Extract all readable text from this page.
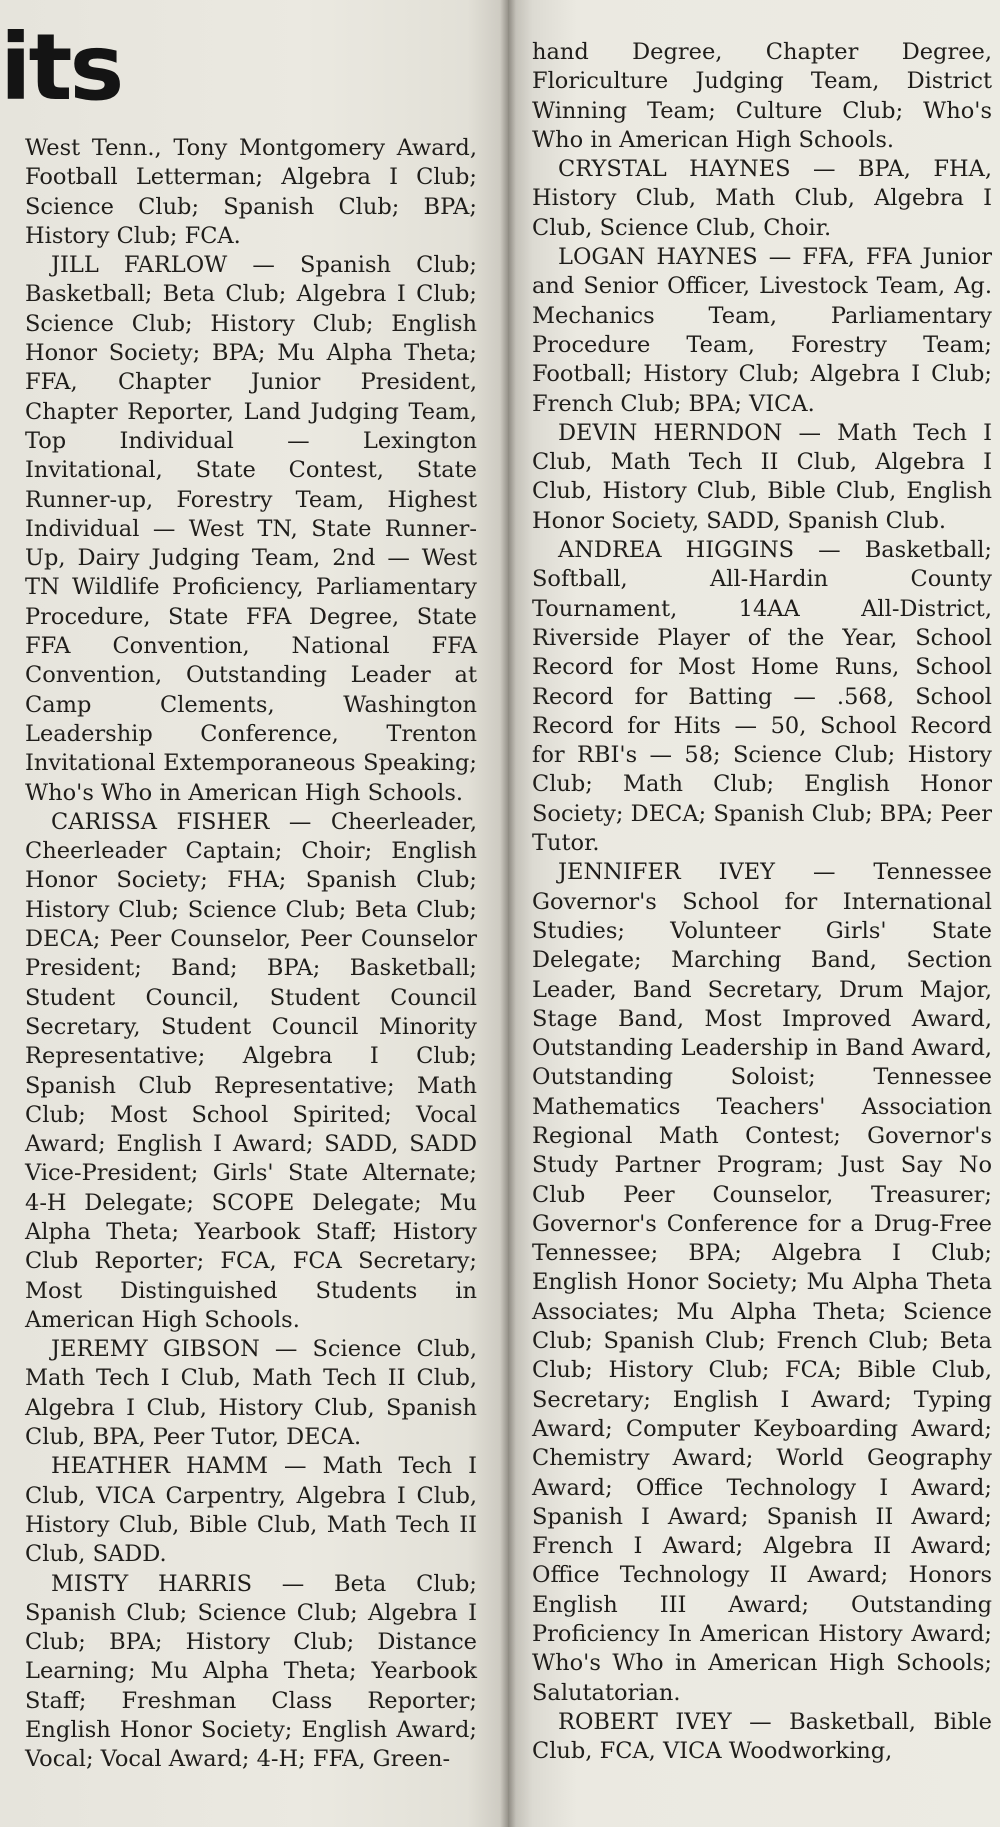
its

West Tenn., Tony Montgomery Award, Football Letterman; Algebra I Club; Science Club; Spanish Club; BPA; History Club; FCA.

JILL FARLOW — Spanish Club; Basketball; Beta Club; Algebra I Club; Science Club; History Club; English Honor Society; BPA; Mu Alpha Theta; FFA, Chapter Junior President, Chapter Reporter, Land Judging Team, Top Individual — Lexington Invitational, State Contest, State Runner-up, Forestry Team, Highest Individual — West TN, State Runner-Up, Dairy Judging Team, 2nd — West TN Wildlife Proficiency, Parliamentary Procedure, State FFA Degree, State FFA Convention, National FFA Convention, Outstanding Leader at Camp Clements, Washington Leadership Conference, Trenton Invitational Extemporaneous Speaking; Who's Who in American High Schools.

CARISSA FISHER — Cheerleader, Cheerleader Captain; Choir; English Honor Society; FHA; Spanish Club; History Club; Science Club; Beta Club; DECA; Peer Counselor, Peer Counselor President; Band; BPA; Basketball; Student Council, Student Council Secretary, Student Council Minority Representative; Algebra I Club; Spanish Club Representative; Math Club; Most School Spirited; Vocal Award; English I Award; SADD, SADD Vice-President; Girls' State Alternate; 4-H Delegate; SCOPE Delegate; Mu Alpha Theta; Yearbook Staff; History Club Reporter; FCA, FCA Secretary; Most Distinguished Students in American High Schools.

JEREMY GIBSON — Science Club, Math Tech I Club, Math Tech II Club, Algebra I Club, History Club, Spanish Club, BPA, Peer Tutor, DECA.

HEATHER HAMM — Math Tech I Club, VICA Carpentry, Algebra I Club, History Club, Bible Club, Math Tech II Club, SADD.

MISTY HARRIS — Beta Club; Spanish Club; Science Club; Algebra I Club; BPA; History Club; Distance Learning; Mu Alpha Theta; Yearbook Staff; Freshman Class Reporter; English Honor Society; English Award; Vocal; Vocal Award; 4-H; FFA, Green-

hand Degree, Chapter Degree, Floriculture Judging Team, District Winning Team; Culture Club; Who's Who in American High Schools.

CRYSTAL HAYNES — BPA, FHA, History Club, Math Club, Algebra I Club, Science Club, Choir.

LOGAN HAYNES — FFA, FFA Junior and Senior Officer, Livestock Team, Ag. Mechanics Team, Parliamentary Procedure Team, Forestry Team; Football; History Club; Algebra I Club; French Club; BPA; VICA.

DEVIN HERNDON — Math Tech I Club, Math Tech II Club, Algebra I Club, History Club, Bible Club, English Honor Society, SADD, Spanish Club.

ANDREA HIGGINS — Basketball; Softball, All-Hardin County Tournament, 14AA All-District, Riverside Player of the Year, School Record for Most Home Runs, School Record for Batting — .568, School Record for Hits — 50, School Record for RBI's — 58; Science Club; History Club; Math Club; English Honor Society; DECA; Spanish Club; BPA; Peer Tutor.

JENNIFER IVEY — Tennessee Governor's School for International Studies; Volunteer Girls' State Delegate; Marching Band, Section Leader, Band Secretary, Drum Major, Stage Band, Most Improved Award, Outstanding Leadership in Band Award, Outstanding Soloist; Tennessee Mathematics Teachers' Association Regional Math Contest; Governor's Study Partner Program; Just Say No Club Peer Counselor, Treasurer; Governor's Conference for a Drug-Free Tennessee; BPA; Algebra I Club; English Honor Society; Mu Alpha Theta Associates; Mu Alpha Theta; Science Club; Spanish Club; French Club; Beta Club; History Club; FCA; Bible Club, Secretary; English I Award; Typing Award; Computer Keyboarding Award; Chemistry Award; World Geography Award; Office Technology I Award; Spanish I Award; Spanish II Award; French I Award; Algebra II Award; Office Technology II Award; Honors English III Award; Outstanding Proficiency In American History Award; Who's Who in American High Schools; Salutatorian.

ROBERT IVEY — Basketball, Bible Club, FCA, VICA Woodworking,
